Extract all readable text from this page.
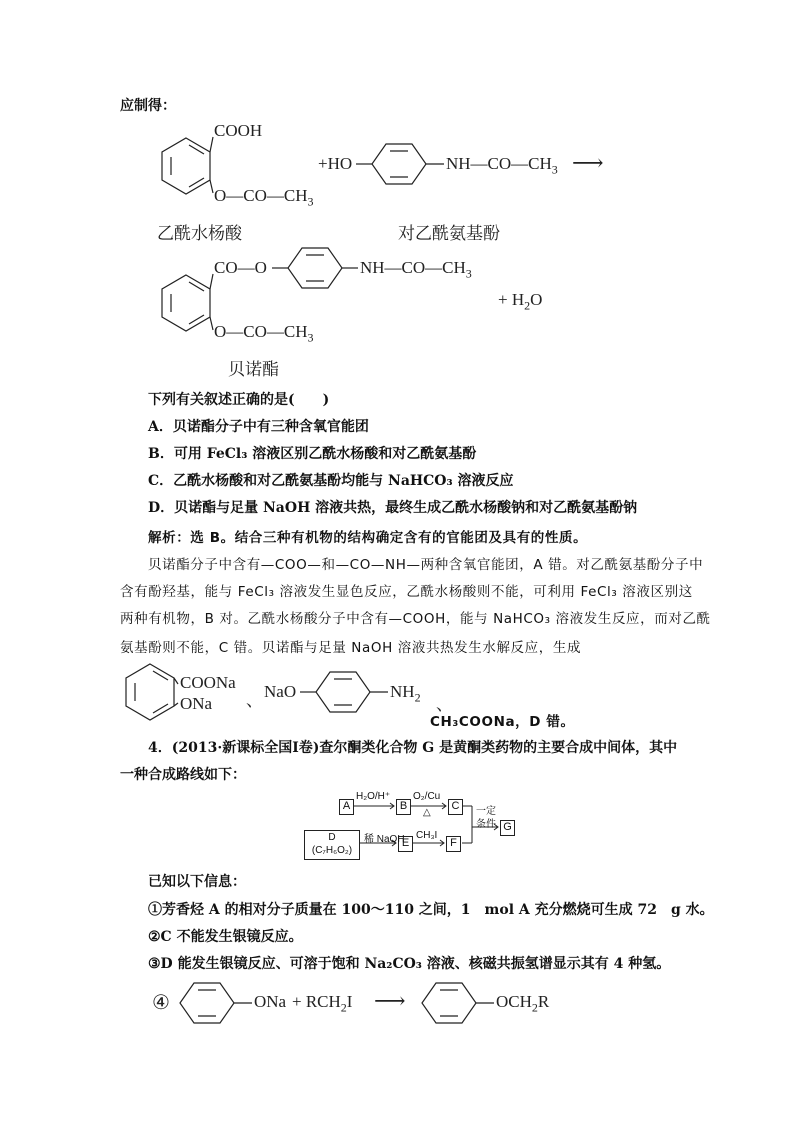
应制得：
COOH
$O—CO—CH_3$
+HO	$NH—CO—CH_3$ ⟶
乙酰水杨酸	对乙酰氨基酚
CO—O	$NH—CO—CH_3$
$O—CO—CH_3$
+ $H_2O$
贝诺酯
下列有关叙述正确的是(　　)
A．贝诺酯分子中有三种含氧官能团
B．可用 FeCl₃ 溶液区别乙酰水杨酸和对乙酰氨基酚
C．乙酰水杨酸和对乙酰氨基酚均能与 NaHCO₃ 溶液反应
D．贝诺酯与足量 NaOH 溶液共热，最终生成乙酰水杨酸钠和对乙酰氨基酚钠
解析：选 B。结合三种有机物的结构确定含有的官能团及具有的性质。
贝诺酯分子中含有—COO—和—CO—NH—两种含氧官能团，A 错。对乙酰氨基酚分子中
含有酚羟基，能与 FeCl₃ 溶液发生显色反应，乙酰水杨酸则不能，可利用 FeCl₃ 溶液区别这
两种有机物，B 对。乙酰水杨酸分子中含有—COOH，能与 NaHCO₃ 溶液发生反应，而对乙酰
氨基酚则不能，C 错。贝诺酯与足量 NaOH 溶液共热发生水解反应，生成
COONa
ONa 、 NaO	$NH_2$ 、
CH₃COONa，D 错。
4．(2013·新课标全国Ⅰ卷)查尔酮类化合物 G 是黄酮类药物的主要合成中间体，其中
一种合成路线如下：
A	B	C
G
E	F
D
(C₇H₆O₂)
H₂O/H⁺ O₂/Cu
△	一定
条件
稀 NaOH CH₃I
已知以下信息：
①芳香烃 A 的相对分子质量在 100～110 之间，1　mol A 充分燃烧可生成 72　g 水。
②C 不能发生银镜反应。
③D 能发生银镜反应、可溶于饱和 Na₂CO₃ 溶液、核磁共振氢谱显示其有 4 种氢。
④	ONa + $RCH_2I$ ⟶	$OCH_2R$
